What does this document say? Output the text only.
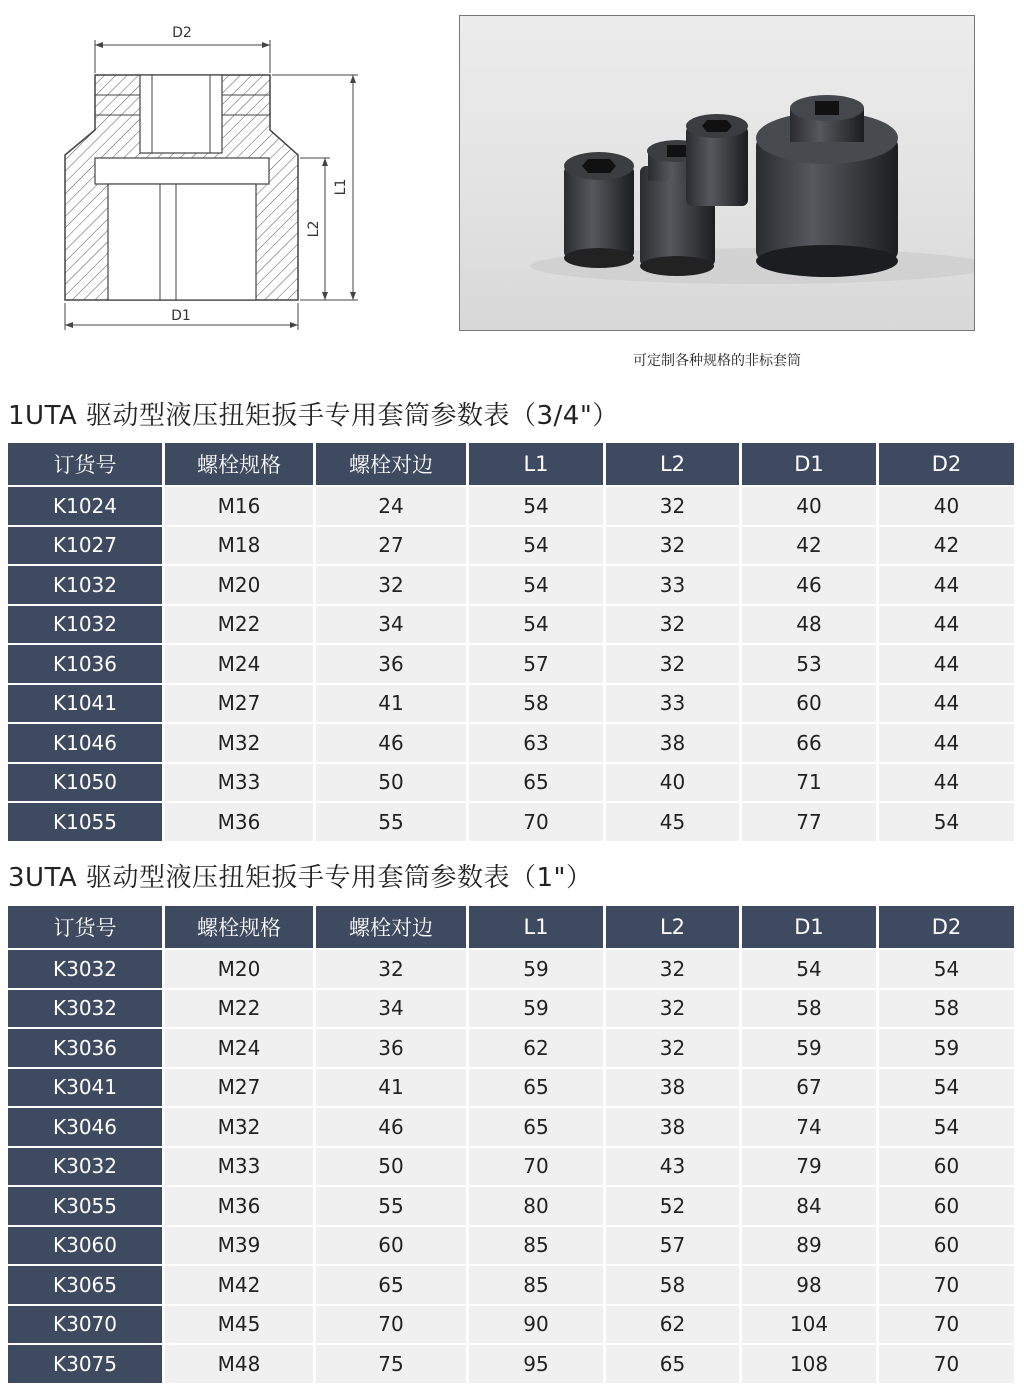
D2
D1
L1
L2
可定制各种规格的非标套筒
1UTA 驱动型液压扭矩扳手专用套筒参数表（3/4"）
订货号	螺栓规格	螺栓对边	L1	L2	D1	D2
K1024	M16	24	54	32	40	40
K1027	M18	27	54	32	42	42
K1032	M20	32	54	33	46	44
K1032	M22	34	54	32	48	44
K1036	M24	36	57	32	53	44
K1041	M27	41	58	33	60	44
K1046	M32	46	63	38	66	44
K1050	M33	50	65	40	71	44
K1055	M36	55	70	45	77	54
3UTA 驱动型液压扭矩扳手专用套筒参数表（1"）
订货号	螺栓规格	螺栓对边	L1	L2	D1	D2
K3032	M20	32	59	32	54	54
K3032	M22	34	59	32	58	58
K3036	M24	36	62	32	59	59
K3041	M27	41	65	38	67	54
K3046	M32	46	65	38	74	54
K3032	M33	50	70	43	79	60
K3055	M36	55	80	52	84	60
K3060	M39	60	85	57	89	60
K3065	M42	65	85	58	98	70
K3070	M45	70	90	62	104	70
K3075	M48	75	95	65	108	70
